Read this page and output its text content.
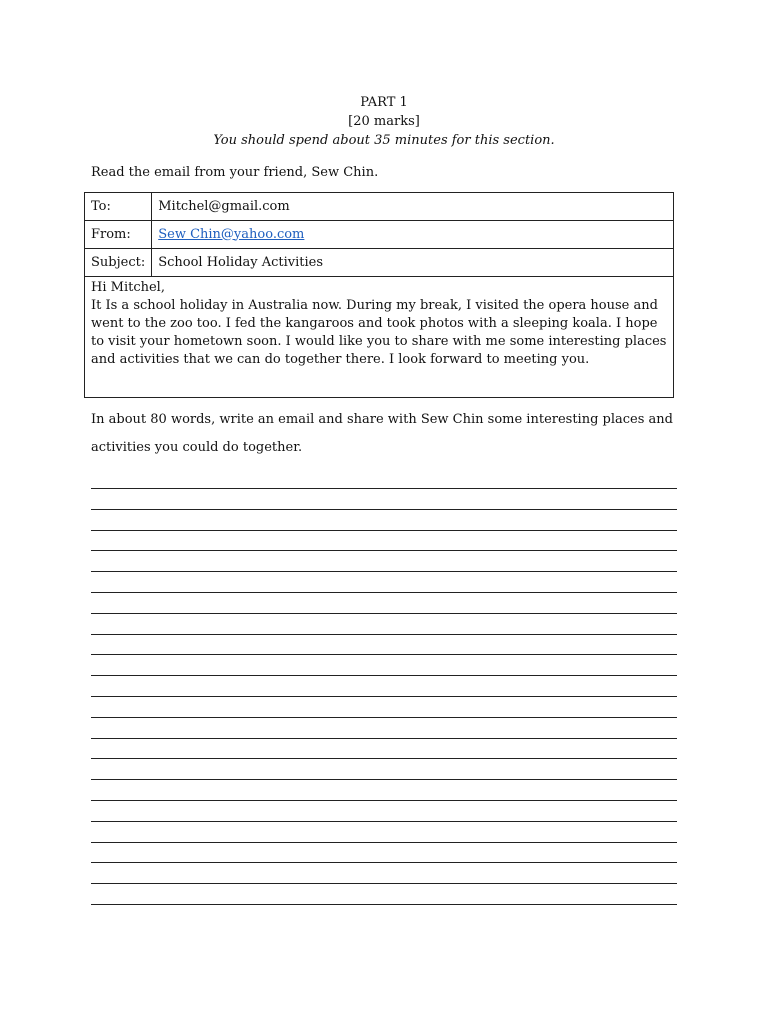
PART 1
[20 marks]
You should spend about 35 minutes for this section.
Read the email from your friend, Sew Chin.
To:	Mitchel@gmail.com
From:	Sew Chin@yahoo.com
Subject:	School Holiday Activities

Hi Mitchel,

It Is a school holiday in Australia now. During my break, I visited the opera house and went to the zoo too. I fed the kangaroos and took photos with a sleeping koala. I hope to visit your hometown soon. I would like you to share with me some interesting places and activities that we can do together there. I look forward to meeting you.	

In about 80 words, write an email and share with Sew Chin some interesting places and

activities you could do together.
